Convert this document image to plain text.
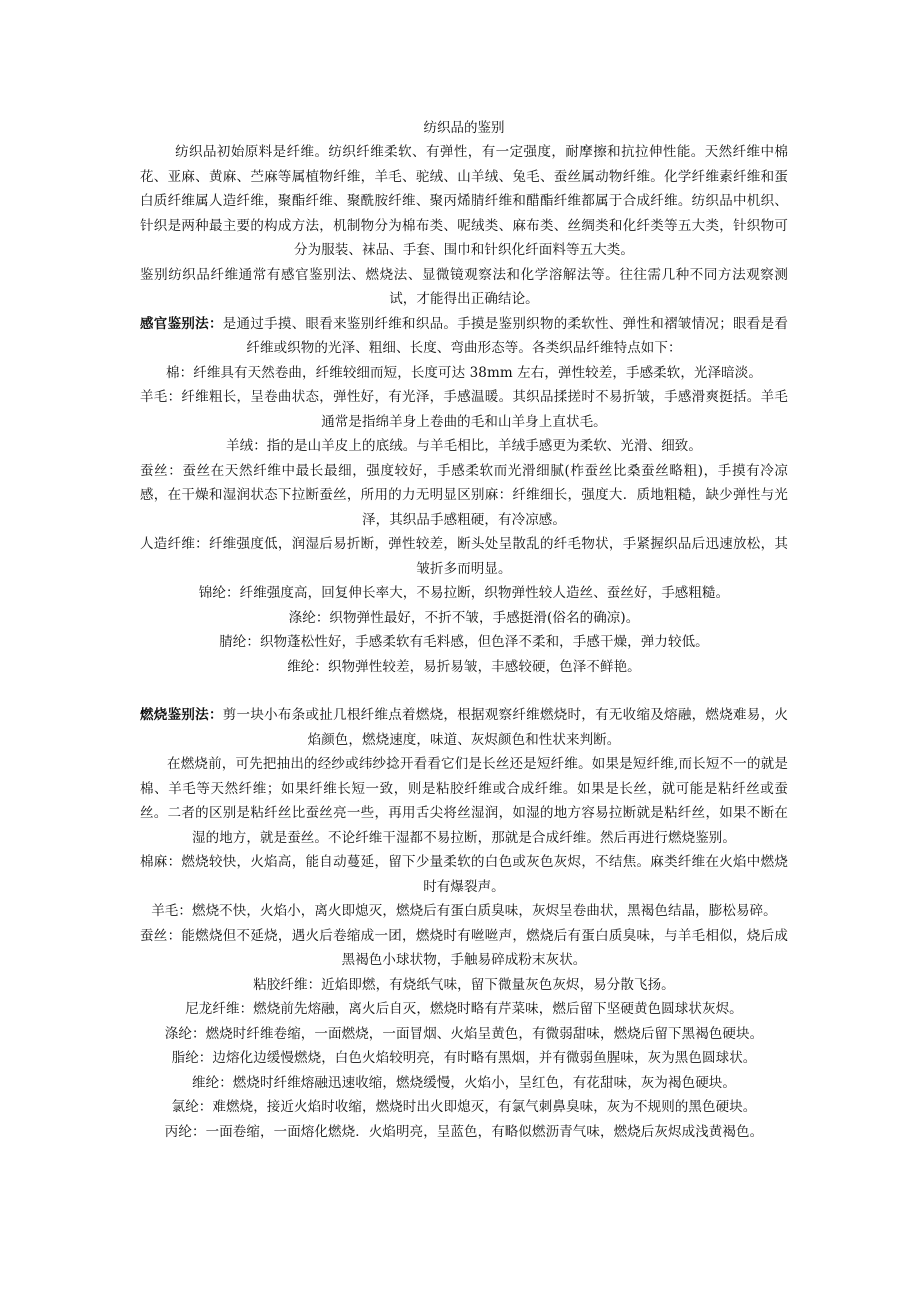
纺织品的鉴别

纺织品初始原料是纤维。纺织纤维柔软、有弹性，有一定强度，耐摩擦和抗拉伸性能。天然纤维中棉花、亚麻、黄麻、苎麻等属植物纤维，羊毛、驼绒、山羊绒、兔毛、蚕丝属动物纤维。化学纤维素纤维和蛋白质纤维属人造纤维，聚酯纤维、聚酰胺纤维、聚丙烯腈纤维和醋酯纤维都属于合成纤维。纺织品中机织、针织是两种最主要的构成方法，机制物分为棉布类、呢绒类、麻布类、丝绸类和化纤类等五大类，针织物可分为服装、袜品、手套、围巾和针织化纤面料等五大类。

鉴别纺织品纤维通常有感官鉴别法、燃烧法、显微镜观察法和化学溶解法等。往往需几种不同方法观察测试，才能得出正确结论。

感官鉴别法：是通过手摸、眼看来鉴别纤维和织品。手摸是鉴别织物的柔软性、弹性和褶皱情况；眼看是看纤维或织物的光泽、粗细、长度、弯曲形态等。各类织品纤维特点如下：

棉：纤维具有天然卷曲，纤维较细而短，长度可达 38mm 左右，弹性较差，手感柔软，光泽暗淡。

羊毛：纤维粗长，呈卷曲状态，弹性好，有光泽，手感温暖。其织品揉搓时不易折皱，手感滑爽挺括。羊毛通常是指绵羊身上卷曲的毛和山羊身上直状毛。

羊绒：指的是山羊皮上的底绒。与羊毛相比，羊绒手感更为柔软、光滑、细致。

蚕丝：蚕丝在天然纤维中最长最细，强度较好，手感柔软而光滑细腻(柞蚕丝比桑蚕丝略粗)，手摸有冷凉感，在干燥和湿润状态下拉断蚕丝，所用的力无明显区别麻：纤维细长，强度大．质地粗糙，缺少弹性与光泽，其织品手感粗硬，有冷凉感。

人造纤维：纤维强度低，润湿后易折断，弹性较差，断头处呈散乱的纤毛物状，手紧握织品后迅速放松，其皱折多而明显。

锦纶：纤维强度高，回复伸长率大，不易拉断，织物弹性较人造丝、蚕丝好，手感粗糙。

涤纶：织物弹性最好，不折不皱，手感挺滑(俗名的确凉)。

腈纶：织物蓬松性好，手感柔软有毛料感，但色泽不柔和，手感干燥，弹力较低。

维纶：织物弹性较差，易折易皱，丰感较硬，色泽不鲜艳。

燃烧鉴别法：剪一块小布条或扯几根纤维点着燃烧，根据观察纤维燃烧时，有无收缩及熔融，燃烧难易，火焰颜色，燃烧速度，味道、灰烬颜色和性状来判断。

在燃烧前，可先把抽出的经纱或纬纱捻开看看它们是长丝还是短纤维。如果是短纤维,而长短不一的就是棉、羊毛等天然纤维；如果纤维长短一致，则是粘胶纤维或合成纤维。如果是长丝，就可能是粘纤丝或蚕丝。二者的区别是粘纤丝比蚕丝亮一些，再用舌尖将丝湿润，如湿的地方容易拉断就是粘纤丝，如果不断在湿的地方，就是蚕丝。不论纤维干湿都不易拉断，那就是合成纤维。然后再进行燃烧鉴别。

棉麻：燃烧较快，火焰高，能自动蔓延，留下少量柔软的白色或灰色灰烬，不结焦。麻类纤维在火焰中燃烧时有爆裂声。

羊毛：燃烧不快，火焰小，离火即熄灭，燃烧后有蛋白质臭味，灰烬呈卷曲状，黑褐色结晶，膨松易碎。

蚕丝：能燃烧但不延烧，遇火后卷缩成一团，燃烧时有咝咝声，燃烧后有蛋白质臭味，与羊毛相似，烧后成黑褐色小球状物，手触易碎成粉末灰状。

粘胶纤维：近焰即燃，有烧纸气味，留下微量灰色灰烬，易分散飞扬。

尼龙纤维：燃烧前先熔融，离火后自灭，燃烧时略有芹菜味，燃后留下坚硬黄色圆球状灰烬。

涤纶：燃烧时纤维卷缩，一面燃烧，一面冒烟、火焰呈黄色，有微弱甜味，燃烧后留下黑褐色硬块。

脂纶：边熔化边缓慢燃烧，白色火焰较明亮，有时略有黑烟，并有微弱鱼腥味，灰为黑色圆球状。

维纶：燃烧时纤维熔融迅速收缩，燃烧缓慢，火焰小，呈红色，有花甜味，灰为褐色硬块。

氯纶：难燃烧，接近火焰时收缩，燃烧时出火即熄灭，有氯气刺鼻臭味，灰为不规则的黑色硬块。

丙纶：一面卷缩，一面熔化燃烧．火焰明亮，呈蓝色，有略似燃沥青气味，燃烧后灰烬成浅黄褐色。
